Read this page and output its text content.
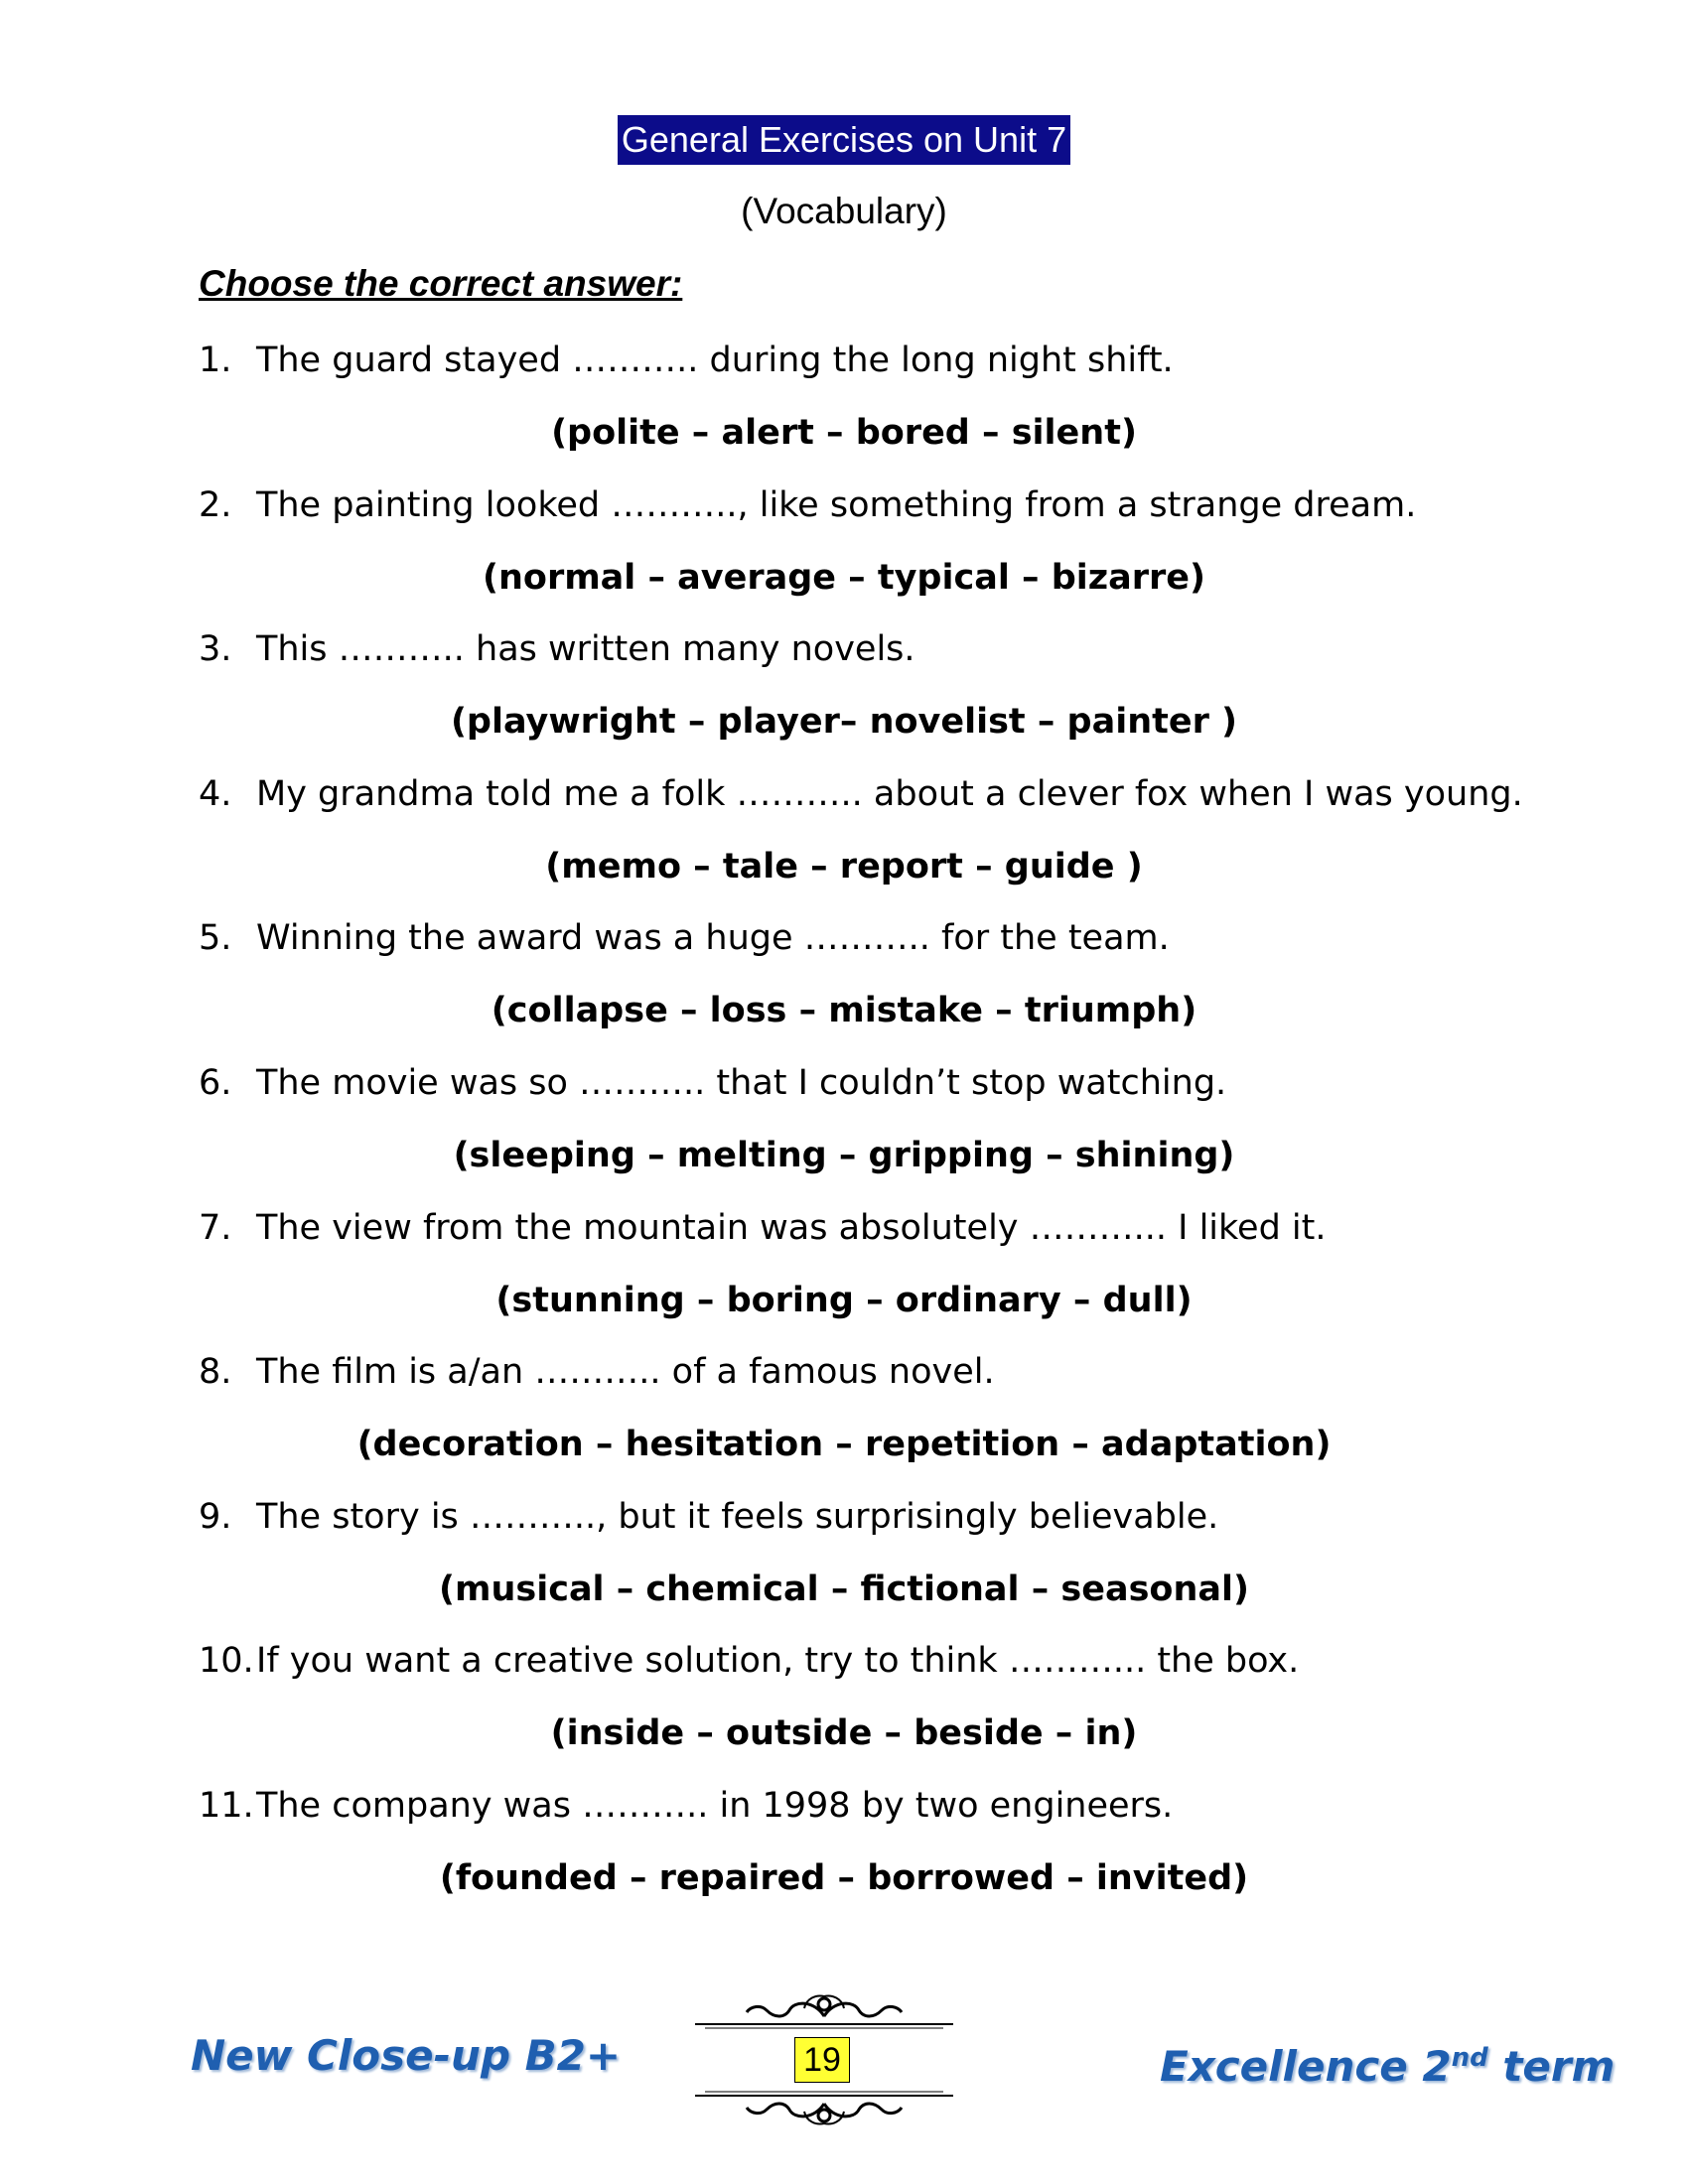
General Exercises on Unit 7
(Vocabulary)
Choose the correct answer:
1. The guard stayed ……….. during the long night shift.
(polite – alert – bored – silent)
2. The painting looked ……….., like something from a strange dream.
(normal – average – typical – bizarre)
3. This ……….. has written many novels.
(playwright – player– novelist – painter )
4. My grandma told me a folk ……….. about a clever fox when I was young.
(memo – tale – report – guide )
5. Winning the award was a huge ……….. for the team.
(collapse – loss – mistake – triumph)
6. The movie was so ……….. that I couldn’t stop watching.
(sleeping – melting – gripping – shining)
7. The view from the mountain was absolutely ………... I liked it.
(stunning – boring – ordinary – dull)
8. The film is a/an ……….. of a famous novel.
(decoration – hesitation – repetition – adaptation)
9. The story is ……….., but it feels surprisingly believable.
(musical – chemical – fictional – seasonal)
10.If you want a creative solution, try to think ………... the box.
(inside – outside – beside – in)
11.The company was ……….. in 1998 by two engineers.
(founded – repaired – borrowed – invited)
New Close-up B2+	19	Excellence 2nd term
